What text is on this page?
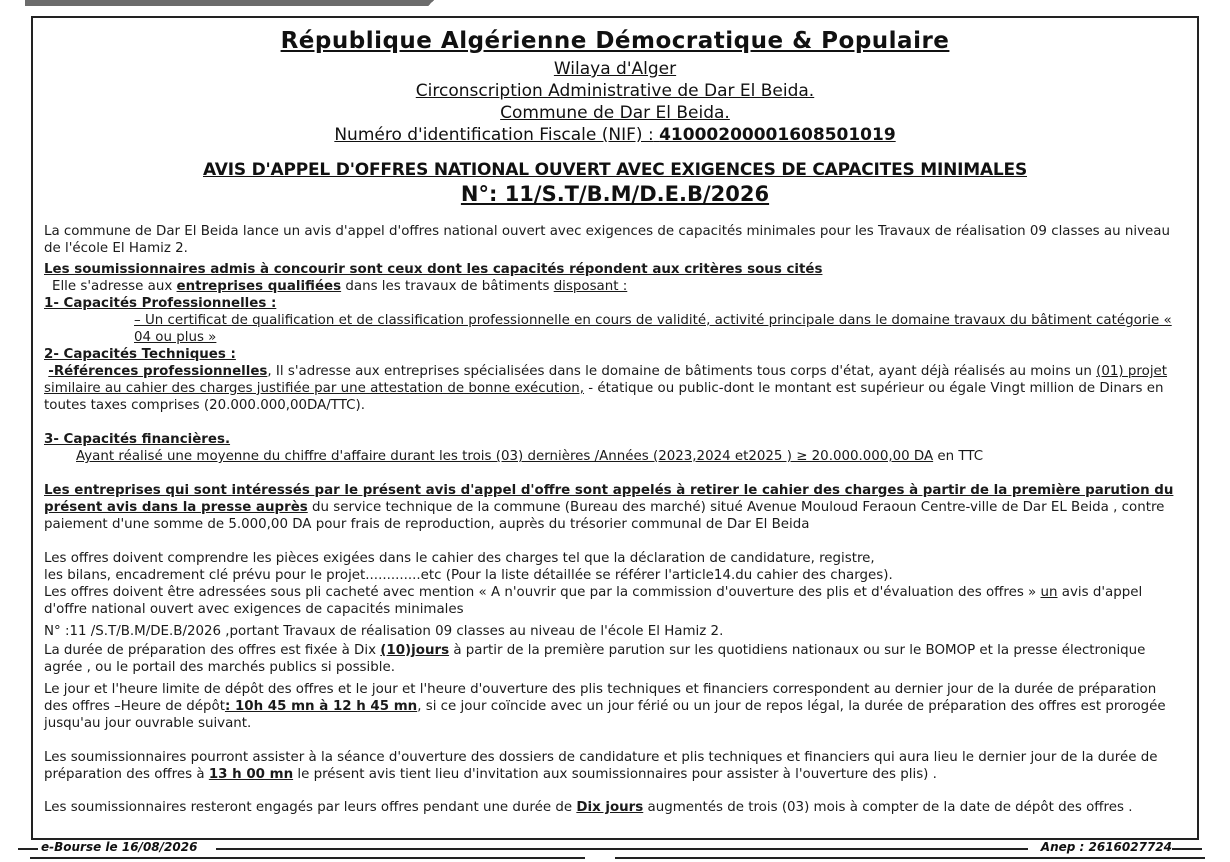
République Algérienne Démocratique & Populaire
Wilaya d'Alger
Circonscription Administrative de Dar El Beida.
Commune de Dar El Beida.
Numéro d'identification Fiscale (NIF) : 41000200001608501019
AVIS D'APPEL D'OFFRES NATIONAL OUVERT AVEC EXIGENCES DE CAPACITES MINIMALES
N°: 11/S.T/B.M/D.E.B/2026

La commune de Dar El Beida lance un avis d'appel d'offres national ouvert avec exigences de capacités minimales pour les Travaux de réalisation 09 classes au niveau de l'école El Hamiz 2.

Les soumissionnaires admis à concourir sont ceux dont les capacités répondent aux critères sous cités

Elle s'adresse aux entreprises qualifiées dans les travaux de bâtiments disposant :

1- Capacités Professionnelles :

– Un certificat de qualification et de classification professionnelle en cours de validité, activité principale dans le domaine travaux du bâtiment catégorie « 04 ou plus »

2- Capacités Techniques :

-Références professionnelles, Il s'adresse aux entreprises spécialisées dans le domaine de bâtiments tous corps d'état, ayant déjà réalisés au moins un (01) projet similaire au cahier des charges justifiée par une attestation de bonne exécution, - étatique ou public-dont le montant est supérieur ou égale Vingt million de Dinars en toutes taxes comprises (20.000.000,00DA/TTC).

3- Capacités financières.

Ayant réalisé une moyenne du chiffre d'affaire durant les trois (03) dernières /Années (2023,2024 et2025 ) ≥ 20.000.000,00 DA en TTC

Les entreprises qui sont intéressés par le présent avis d'appel d'offre sont appelés à retirer le cahier des charges à partir de la première parution du présent avis dans la presse auprès du service technique de la commune (Bureau des marché) situé Avenue Mouloud Feraoun Centre-ville de Dar EL Beida , contre paiement d'une somme de 5.000,00 DA pour frais de reproduction, auprès du trésorier communal de Dar El Beida

Les offres doivent comprendre les pièces exigées dans le cahier des charges tel que la déclaration de candidature, registre,

les bilans, encadrement clé prévu pour le projet.............etc (Pour la liste détaillée se référer l'article14.du cahier des charges).

Les offres doivent être adressées sous pli cacheté avec mention « A n'ouvrir que par la commission d'ouverture des plis et d'évaluation des offres » un avis d'appel d'offre national ouvert avec exigences de capacités minimales

N° :11 /S.T/B.M/DE.B/2026 ,portant Travaux de réalisation 09 classes au niveau de l'école El Hamiz 2.

La durée de préparation des offres est fixée à Dix (10)jours à partir de la première parution sur les quotidiens nationaux ou sur le BOMOP et la presse électronique agrée , ou le portail des marchés publics si possible.

Le jour et l'heure limite de dépôt des offres et le jour et l'heure d'ouverture des plis techniques et financiers correspondent au dernier jour de la durée de préparation des offres –Heure de dépôt: 10h 45 mn à 12 h 45 mn, si ce jour coïncide avec un jour férié ou un jour de repos légal, la durée de préparation des offres est prorogée jusqu'au jour ouvrable suivant.

Les soumissionnaires pourront assister à la séance d'ouverture des dossiers de candidature et plis techniques et financiers qui aura lieu le dernier jour de la durée de préparation des offres à 13 h 00 mn le présent avis tient lieu d'invitation aux soumissionnaires pour assister à l'ouverture des plis) .

Les soumissionnaires resteront engagés par leurs offres pendant une durée de Dix jours augmentés de trois (03) mois à compter de la date de dépôt des offres .

e-Bourse le 16/08/2026	Anep : 2616027724
